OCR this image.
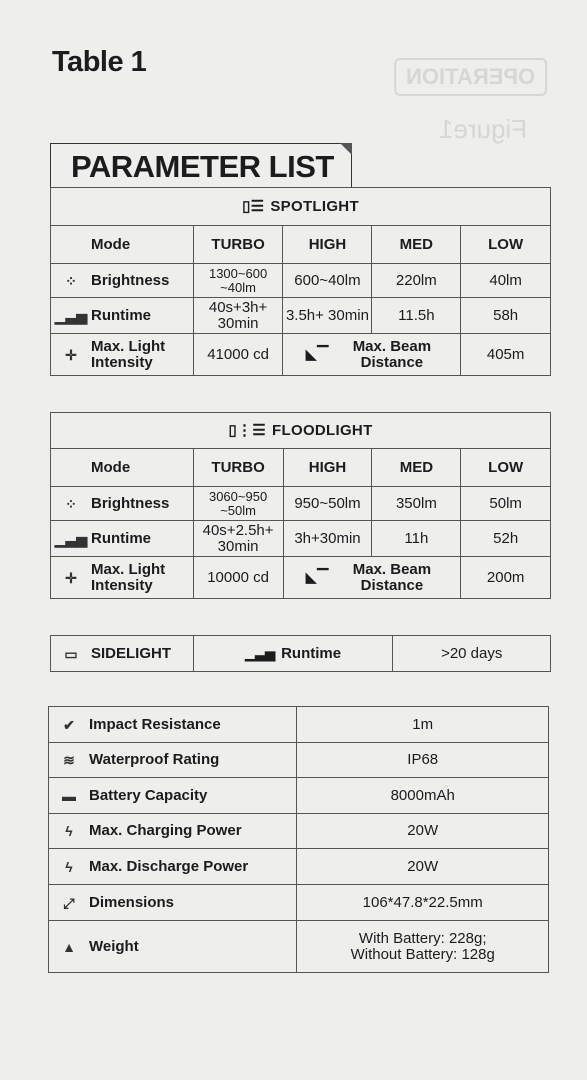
OPERATION
Figure1
Table 1
PARAMETER LIST
▯☰ SPOTLIGHT				
Mode	TURBO	HIGH	MED	LOW
⁘ Brightness	1300~600 ~40lm	600~40lm	220lm	40lm
▁▃▅ Runtime	40s+3h+ 30min	3.5h+ 30min	11.5h	58h
✛ Max. Light Intensity	41000 cd	◣▔ Max. Beam Distance		405m
▯⋮☰ FLOODLIGHT				
Mode	TURBO	HIGH	MED	LOW
⁘ Brightness	3060~950 ~50lm	950~50lm	350lm	50lm
▁▃▅ Runtime	40s+2.5h+ 30min	3h+30min	11h	52h
✛ Max. Light Intensity	10000 cd	◣▔ Max. Beam Distance		200m
▭ SIDELIGHT	▁▃▅ Runtime	>20 days
✔ Impact Resistance	1m
≋ Waterproof Rating	IP68
▬ Battery Capacity	8000mAh
ϟ Max. Charging Power	20W
ϟ Max. Discharge Power	20W
⤢ Dimensions	106*47.8*22.5mm
▲ Weight	With Battery: 228g; Without Battery: 128g
